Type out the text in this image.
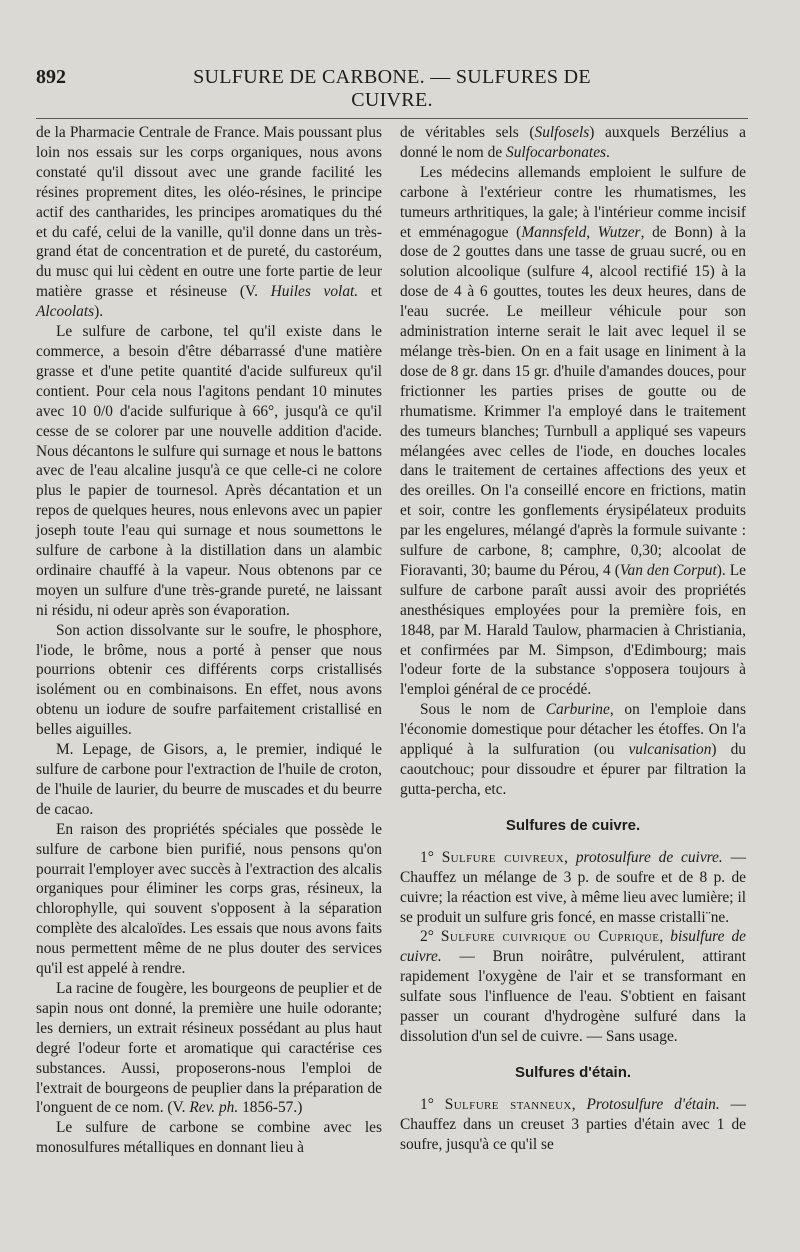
892	SULFURE DE CARBONE. — SULFURES DE CUIVRE.

de la Pharmacie Centrale de France. Mais poussant plus loin nos essais sur les corps organiques, nous avons constaté qu'il dissout avec une grande facilité les résines proprement dites, les oléo-résines, le principe actif des cantharides, les principes aromatiques du thé et du café, celui de la vanille, qu'il donne dans un très-grand état de concentration et de pureté, du castoréum, du musc qui lui cèdent en outre une forte partie de leur matière grasse et résineuse (V. Huiles volat. et Alcoolats).

Le sulfure de carbone, tel qu'il existe dans le commerce, a besoin d'être débarrassé d'une matière grasse et d'une petite quantité d'acide sulfureux qu'il contient. Pour cela nous l'agitons pendant 10 minutes avec 10 0/0 d'acide sulfurique à 66°, jusqu'à ce qu'il cesse de se colorer par une nouvelle addition d'acide. Nous décantons le sulfure qui surnage et nous le battons avec de l'eau alcaline jusqu'à ce que celle-ci ne colore plus le papier de tournesol. Après décantation et un repos de quelques heures, nous enlevons avec un papier joseph toute l'eau qui surnage et nous soumettons le sulfure de carbone à la distillation dans un alambic ordinaire chauffé à la vapeur. Nous obtenons par ce moyen un sulfure d'une très-grande pureté, ne laissant ni résidu, ni odeur après son évaporation.

Son action dissolvante sur le soufre, le phosphore, l'iode, le brôme, nous a porté à penser que nous pourrions obtenir ces différents corps cristallisés isolément ou en combinaisons. En effet, nous avons obtenu un iodure de soufre parfaitement cristallisé en belles aiguilles.

M. Lepage, de Gisors, a, le premier, indiqué le sulfure de carbone pour l'extraction de l'huile de croton, de l'huile de laurier, du beurre de muscades et du beurre de cacao.

En raison des propriétés spéciales que possède le sulfure de carbone bien purifié, nous pensons qu'on pourrait l'employer avec succès à l'extraction des alcalis organiques pour éliminer les corps gras, résineux, la chlorophylle, qui souvent s'opposent à la séparation complète des alcaloïdes. Les essais que nous avons faits nous permettent même de ne plus douter des services qu'il est appelé à rendre.

La racine de fougère, les bourgeons de peuplier et de sapin nous ont donné, la première une huile odorante; les derniers, un extrait résineux possédant au plus haut degré l'odeur forte et aromatique qui caractérise ces substances. Aussi, proposerons-nous l'emploi de l'extrait de bourgeons de peuplier dans la préparation de l'onguent de ce nom. (V. Rev. ph. 1856-57.)

Le sulfure de carbone se combine avec les monosulfures métalliques en donnant lieu à

de véritables sels (Sulfosels) auxquels Berzélius a donné le nom de Sulfocarbonates.

Les médecins allemands emploient le sulfure de carbone à l'extérieur contre les rhumatismes, les tumeurs arthritiques, la gale; à l'intérieur comme incisif et emménagogue (Mannsfeld, Wutzer, de Bonn) à la dose de 2 gouttes dans une tasse de gruau sucré, ou en solution alcoolique (sulfure 4, alcool rectifié 15) à la dose de 4 à 6 gouttes, toutes les deux heures, dans de l'eau sucrée. Le meilleur véhicule pour son administration interne serait le lait avec lequel il se mélange très-bien. On en a fait usage en liniment à la dose de 8 gr. dans 15 gr. d'huile d'amandes douces, pour frictionner les parties prises de goutte ou de rhumatisme. Krimmer l'a employé dans le traitement des tumeurs blanches; Turnbull a appliqué ses vapeurs mélangées avec celles de l'iode, en douches locales dans le traitement de certaines affections des yeux et des oreilles. On l'a conseillé encore en frictions, matin et soir, contre les gonflements érysipélateux produits par les engelures, mélangé d'après la formule suivante : sulfure de carbone, 8; camphre, 0,30; alcoolat de Fioravanti, 30; baume du Pérou, 4 (Van den Corput). Le sulfure de carbone paraît aussi avoir des propriétés anesthésiques employées pour la première fois, en 1848, par M. Harald Taulow, pharmacien à Christiania, et confirmées par M. Simpson, d'Edimbourg; mais l'odeur forte de la substance s'opposera toujours à l'emploi général de ce procédé.

Sous le nom de Carburine, on l'emploie dans l'économie domestique pour détacher les étoffes. On l'a appliqué à la sulfuration (ou vulcanisation) du caoutchouc; pour dissoudre et épurer par filtration la gutta-percha, etc.

Sulfures de cuivre.

1° Sulfure cuivreux, protosulfure de cuivre. — Chauffez un mélange de 3 p. de soufre et de 8 p. de cuivre; la réaction est vive, à même lieu avec lumière; il se produit un sulfure gris foncé, en masse cristalli¨ne.

2° Sulfure cuivrique ou Cuprique, bisulfure de cuivre. — Brun noirâtre, pulvérulent, attirant rapidement l'oxygène de l'air et se transformant en sulfate sous l'influence de l'eau. S'obtient en faisant passer un courant d'hydrogène sulfuré dans la dissolution d'un sel de cuivre. — Sans usage.

Sulfures d'étain.

1° Sulfure stanneux, Protosulfure d'étain. — Chauffez dans un creuset 3 parties d'étain avec 1 de soufre, jusqu'à ce qu'il se
